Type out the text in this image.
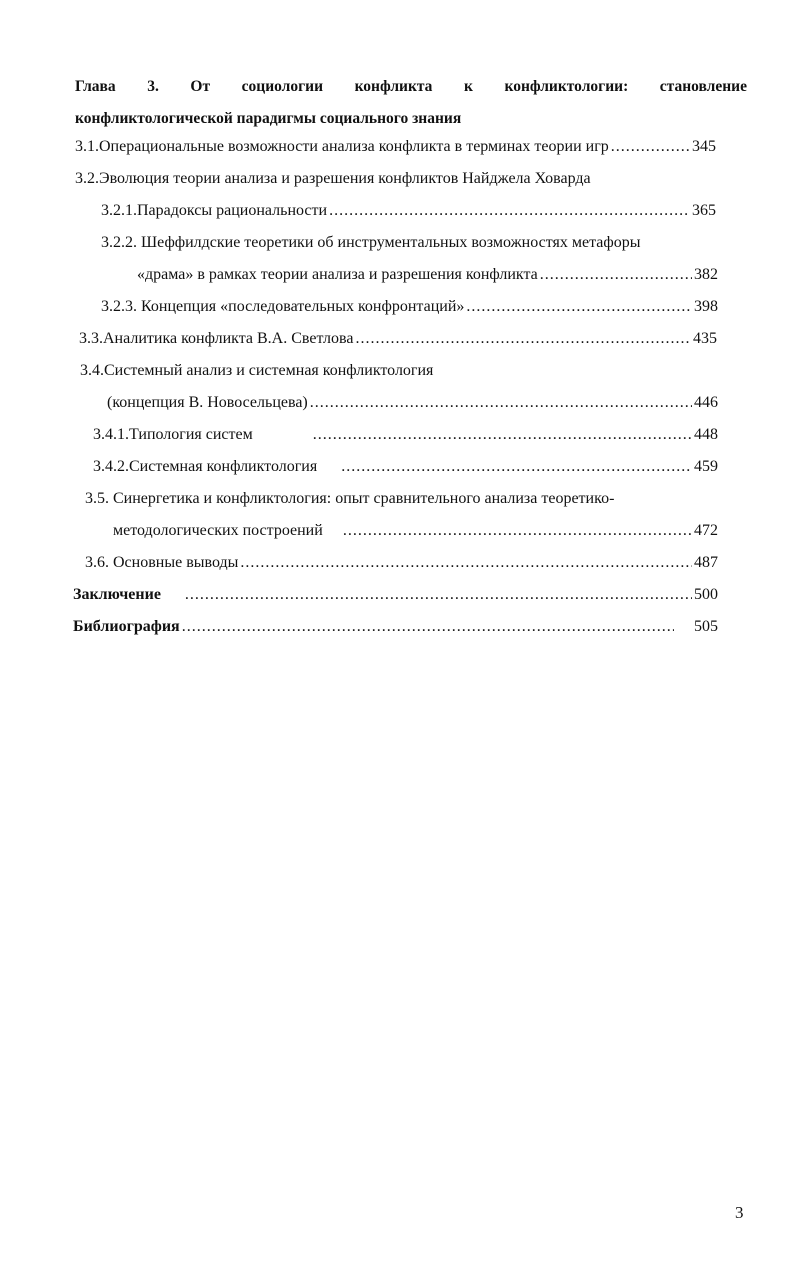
Глава 3. От социологии конфликта к конфликтологии: становление
конфликтологической парадигмы социального знания
3.1.Операциональные возможности анализа конфликта в терминах теории игр .....	345
3.2.Эволюция теории анализа и разрешения конфликтов Найджела Ховарда
3.2.1.Парадоксы рациональности .....	365
3.2.2. Шеффилдские теоретики об инструментальных возможностях метафоры
«драма» в рамках теории анализа и разрешения конфликта .....	382
3.2.3. Концепция «последовательных конфронтаций» .....	398
3.3.Аналитика конфликта В.А. Светлова .....	435
3.4.Системный анализ и системная конфликтология
(концепция В. Новосельцева) .....	446
3.4.1.Типология систем .....	448
3.4.2.Системная конфликтология .....	459
3.5. Синергетика и конфликтология: опыт сравнительного анализа теоретико-
методологических построений .....	472
3.6. Основные выводы .....	487
Заключение .....	500
Библиография .....	505
3
